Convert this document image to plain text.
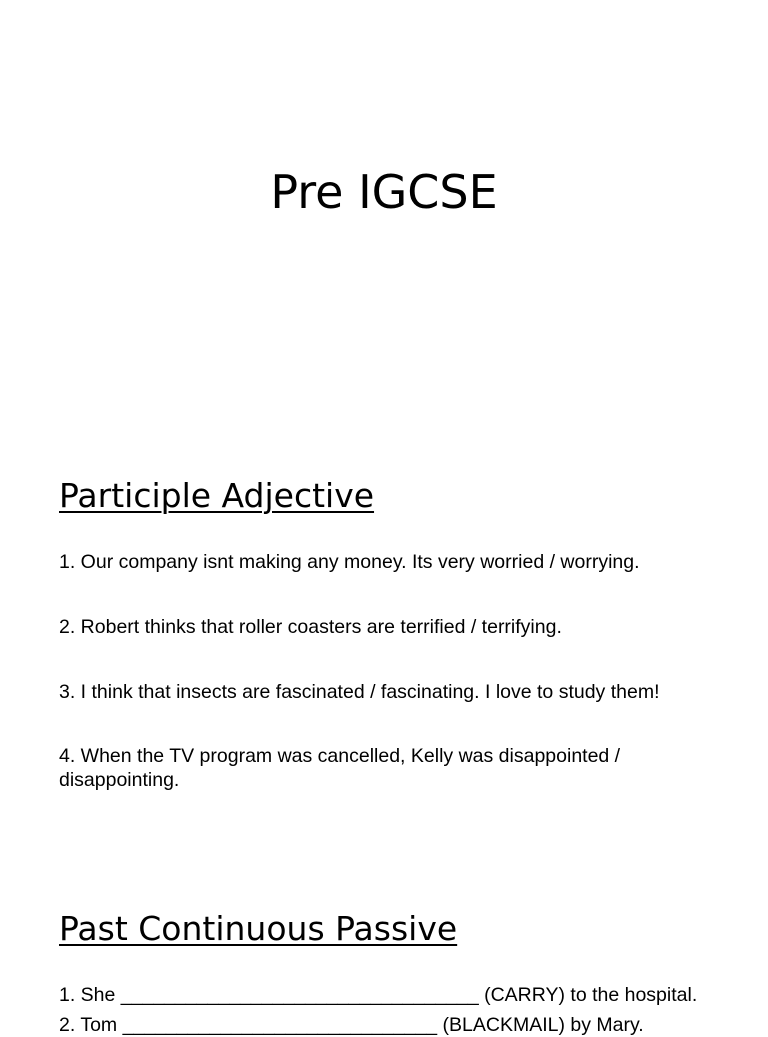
Pre IGCSE
Participle Adjective

1. Our company isnt making any money. Its very worried / worrying.

2. Robert thinks that roller coasters are terrified / terrifying.

3. I think that insects are fascinated / fascinating. I love to study them!

4. When the TV program was cancelled, Kelly was disappointed / disappointing.

Past Continuous Passive

1. She _________________________________ (CARRY) to the hospital.

2. Tom _____________________________ (BLACKMAIL) by Mary.
